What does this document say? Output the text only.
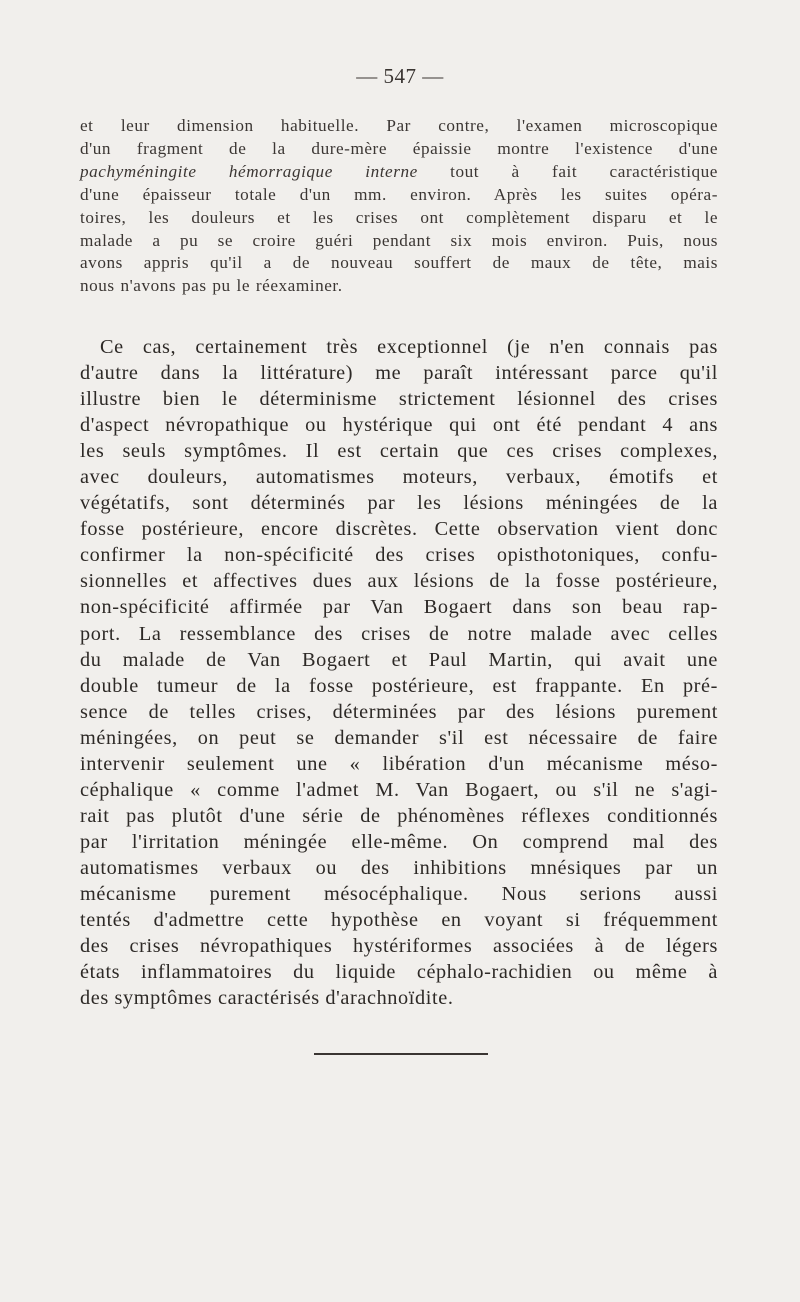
— 547 —
et leur dimension habituelle. Par contre, l'examen microscopique
d'un fragment de la dure-mère épaissie montre l'existence d'une
pachyméningite hémorragique interne tout à fait caractéristique
d'une épaisseur totale d'un mm. environ. Après les suites opéra-
toires, les douleurs et les crises ont complètement disparu et le
malade a pu se croire guéri pendant six mois environ. Puis, nous
avons appris qu'il a de nouveau souffert de maux de tête, mais
nous n'avons pas pu le réexaminer.
Ce cas, certainement très exceptionnel (je n'en connais pas
d'autre dans la littérature) me paraît intéressant parce qu'il
illustre bien le déterminisme strictement lésionnel des crises
d'aspect névropathique ou hystérique qui ont été pendant 4 ans
les seuls symptômes. Il est certain que ces crises complexes,
avec douleurs, automatismes moteurs, verbaux, émotifs et
végétatifs, sont déterminés par les lésions méningées de la
fosse postérieure, encore discrètes. Cette observation vient donc
confirmer la non-spécificité des crises opisthotoniques, confu-
sionnelles et affectives dues aux lésions de la fosse postérieure,
non-spécificité affirmée par Van Bogaert dans son beau rap-
port. La ressemblance des crises de notre malade avec celles
du malade de Van Bogaert et Paul Martin, qui avait une
double tumeur de la fosse postérieure, est frappante. En pré-
sence de telles crises, déterminées par des lésions purement
méningées, on peut se demander s'il est nécessaire de faire
intervenir seulement une « libération d'un mécanisme méso-
céphalique « comme l'admet M. Van Bogaert, ou s'il ne s'agi-
rait pas plutôt d'une série de phénomènes réflexes conditionnés
par l'irritation méningée elle-même. On comprend mal des
automatismes verbaux ou des inhibitions mnésiques par un
mécanisme purement mésocéphalique. Nous serions aussi
tentés d'admettre cette hypothèse en voyant si fréquemment
des crises névropathiques hystériformes associées à de légers
états inflammatoires du liquide céphalo-rachidien ou même à
des symptômes caractérisés d'arachnoïdite.
